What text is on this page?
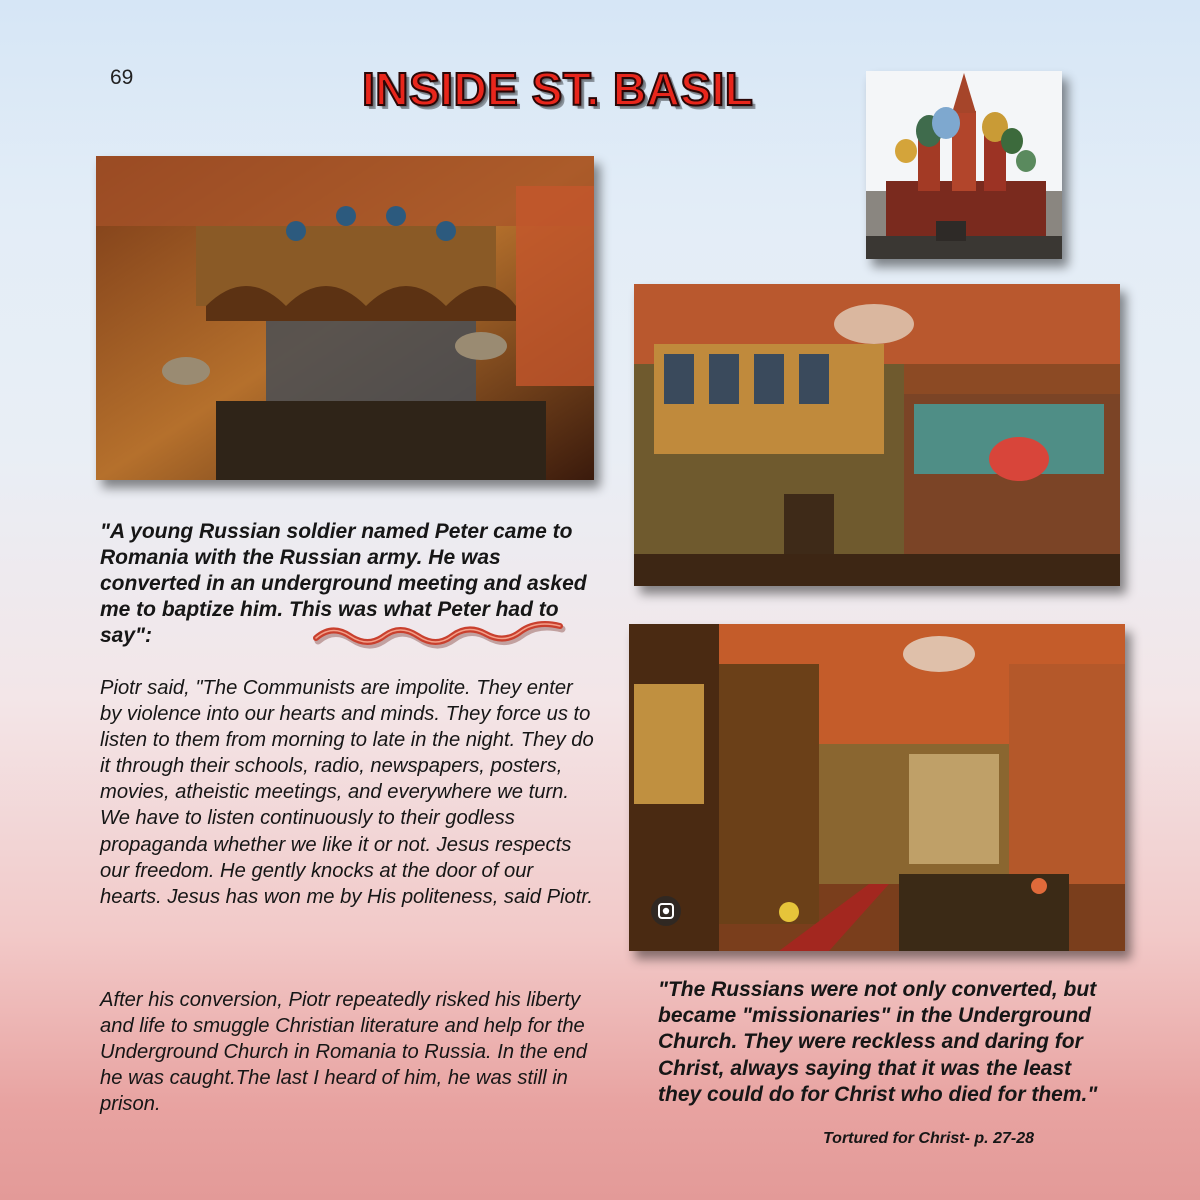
69	INSIDE ST. BASIL

"A young Russian soldier named Peter came to Romania with the Russian army. He was converted in an underground meeting and asked me to baptize him. This was what Peter had to say":

Piotr said, "The Communists are impolite. They enter by violence into our hearts and minds. They force us to listen to them from morning to late in the night. They do it through their schools, radio, newspapers, posters, movies, atheistic meetings, and everywhere we turn. We have to listen continuously to their godless propaganda whether we like it or not. Jesus respects our freedom. He gently knocks at the door of our hearts. Jesus has won me by His politeness, said Piotr.

After his conversion, Piotr repeatedly risked his liberty and life to smuggle Christian literature and help for the Underground Church in Romania to Russia. In the end he was caught.The last I heard of him, he was still in prison.

"The Russians were not only converted, but became "missionaries" in the Underground Church. They were reckless and daring for Christ, always saying that it was the least they could do for Christ who died for them."

Tortured for Christ- p. 27-28
